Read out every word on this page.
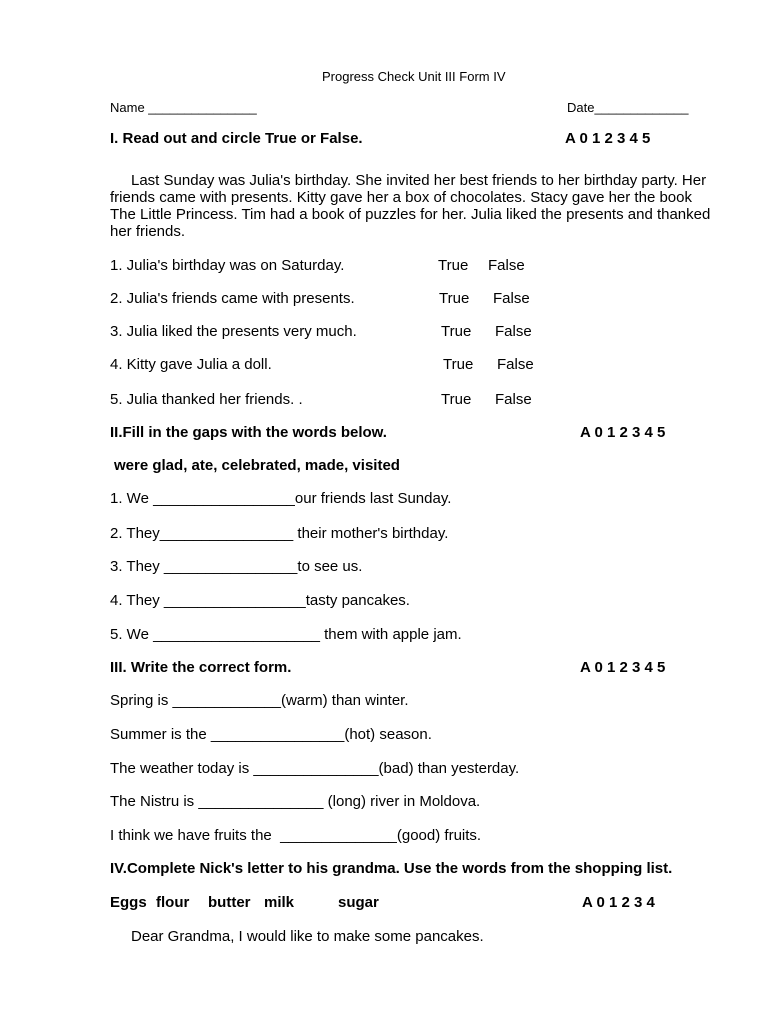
Progress Check Unit III Form IV
Name _______________	Date_____________
I. Read out and circle True or False.	A 0 1 2 3 4 5
Last Sunday was Julia's birthday. She invited her best friends to her birthday party. Her friends came with presents. Kitty gave her a box of chocolates. Stacy gave her the book The Little Princess. Tim had a book of puzzles for her. Julia liked the presents and thanked her friends.
1. Julia's birthday was on Saturday.	True False
2. Julia's friends came with presents.	True False
3. Julia liked the presents very much.	True False
4. Kitty gave Julia a doll.	True False
5. Julia thanked her friends. .	True False
II.Fill in the gaps with the words below.	A 0 1 2 3 4 5
were glad, ate, celebrated, made, visited
1. We _________________our friends last Sunday.
2. They________________ their mother's birthday.
3. They ________________to see us.
4. They _________________tasty pancakes.
5. We ____________________ them with apple jam.
III. Write the correct form.	A 0 1 2 3 4 5
Spring is _____________(warm) than winter.
Summer is the ________________(hot) season.
The weather today is _______________(bad) than yesterday.
The Nistru is _______________ (long) river in Moldova.
I think we have fruits the  ______________(good) fruits.
IV.Complete Nick's letter to his grandma. Use the words from the shopping list.
Eggs flour butter milk	sugar	A 0 1 2 3 4
Dear Grandma, I would like to make some pancakes.
